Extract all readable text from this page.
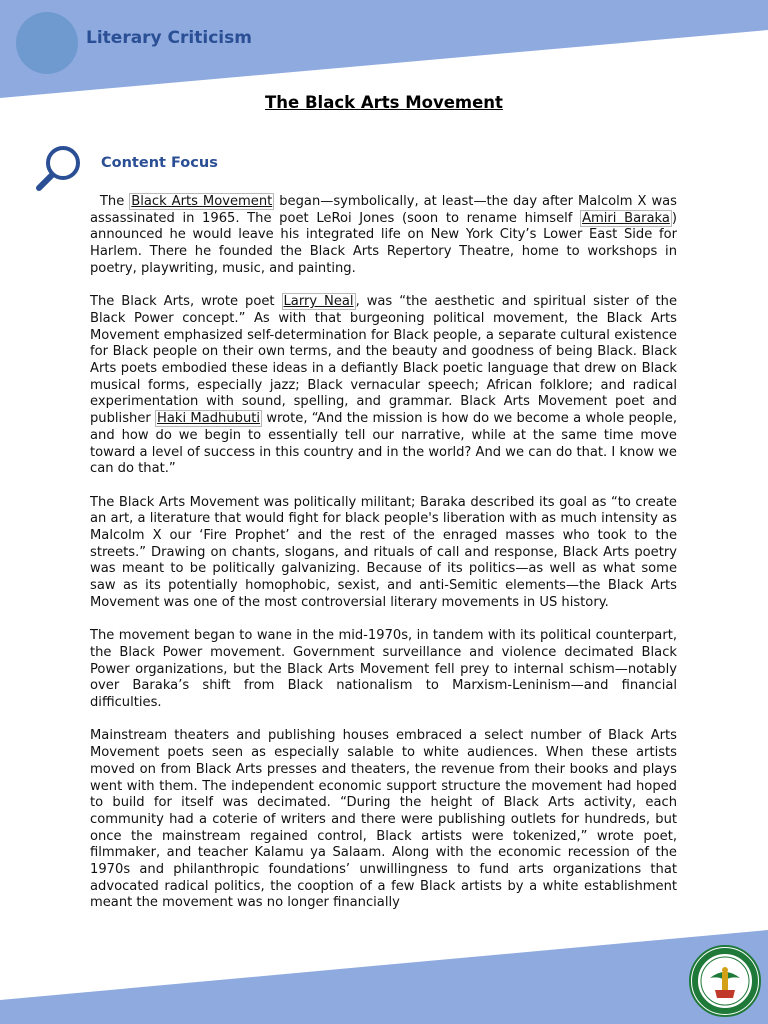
Literary Criticism
The Black Arts Movement
Content Focus

The Black Arts Movement began—symbolically, at least—the day after Malcolm X was assassinated in 1965. The poet LeRoi Jones (soon to rename himself Amiri Baraka ) announced he would leave his integrated life on New York City’s Lower East Side for Harlem. There he founded the Black Arts Repertory Theatre, home to workshops in poetry, playwriting, music, and painting.

The Black Arts, wrote poet Larry Neal , was “the aesthetic and spiritual sister of the Black Power concept.” As with that burgeoning political movement, the Black Arts Movement emphasized self-determination for Black people, a separate cultural existence for Black people on their own terms, and the beauty and goodness of being Black. Black Arts poets embodied these ideas in a defiantly Black poetic language that drew on Black musical forms, especially jazz; Black vernacular speech; African folklore; and radical experimentation with sound, spelling, and grammar. Black Arts Movement poet and publisher Haki Madhubuti wrote, “And the mission is how do we become a whole people, and how do we begin to essentially tell our narrative, while at the same time move toward a level of success in this country and in the world? And we can do that. I know we can do that.”

The Black Arts Movement was politically militant; Baraka described its goal as “to create an art, a literature that would fight for black people's liberation with as much intensity as Malcolm X our ‘Fire Prophet’ and the rest of the enraged masses who took to the streets.” Drawing on chants, slogans, and rituals of call and response, Black Arts poetry was meant to be politically galvanizing. Because of its politics—as well as what some saw as its potentially homophobic, sexist, and anti-Semitic elements—the Black Arts Movement was one of the most controversial literary movements in US history.

The movement began to wane in the mid-1970s, in tandem with its political counterpart, the Black Power movement. Government surveillance and violence decimated Black Power organizations, but the Black Arts Movement fell prey to internal schism—notably over Baraka’s shift from Black nationalism to Marxism-Leninism—and financial difficulties.

Mainstream theaters and publishing houses embraced a select number of Black Arts Movement poets seen as especially salable to white audiences. When these artists moved on from Black Arts presses and theaters, the revenue from their books and plays went with them. The independent economic support structure the movement had hoped to build for itself was decimated. “During the height of Black Arts activity, each community had a coterie of writers and there were publishing outlets for hundreds, but once the mainstream regained control, Black artists were tokenized,” wrote poet, filmmaker, and teacher Kalamu ya Salaam. Along with the economic recession of the 1970s and philanthropic foundations’ unwillingness to fund arts organizations that advocated radical politics, the cooption of a few Black artists by a white establishment meant the movement was no longer financially
